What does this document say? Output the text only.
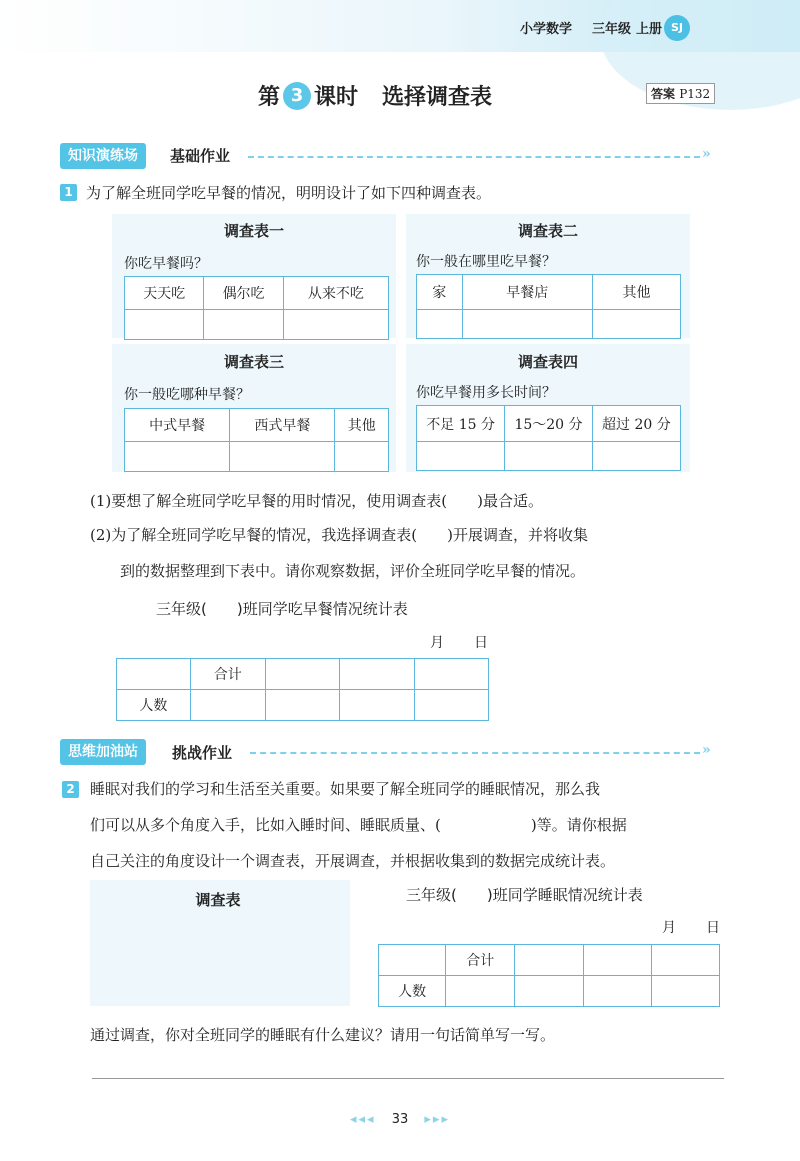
小学数学 三年级 上册 SJ
第 3 课时 选择调查表	答案 P132
知识演练场	基础作业	»
1 为了解全班同学吃早餐的情况，明明设计了如下四种调查表。
调查表一
你吃早餐吗？
天天吃	偶尔吃	从来不吃

调查表二
你一般在哪里吃早餐？
家	早餐店	其他

调查表三
你一般吃哪种早餐？
中式早餐	西式早餐	其他

调查表四
你吃早餐用多长时间？
不足 15 分	15～20 分	超过 20 分

(1)要想了解全班同学吃早餐的用时情况，使用调查表(　　)最合适。
(2)为了解全班同学吃早餐的情况，我选择调查表(　　)开展调查，并将收集
到的数据整理到下表中。请你观察数据，评价全班同学吃早餐的情况。
三年级(　　)班同学吃早餐情况统计表
月 日
	合计			
人数				
思维加油站	挑战作业	»
2 睡眠对我们的学习和生活至关重要。如果要了解全班同学的睡眠情况，那么我
们可以从多个角度入手，比如入睡时间、睡眠质量、(　　　　　　)等。请你根据
自己关注的角度设计一个调查表，开展调查，并根据收集到的数据完成统计表。
调查表	三年级(　　)班同学睡眠情况统计表
月 日
	合计			
人数				
通过调查，你对全班同学的睡眠有什么建议？请用一句话简单写一写。
◂◂◂ 33 ▸▸▸
